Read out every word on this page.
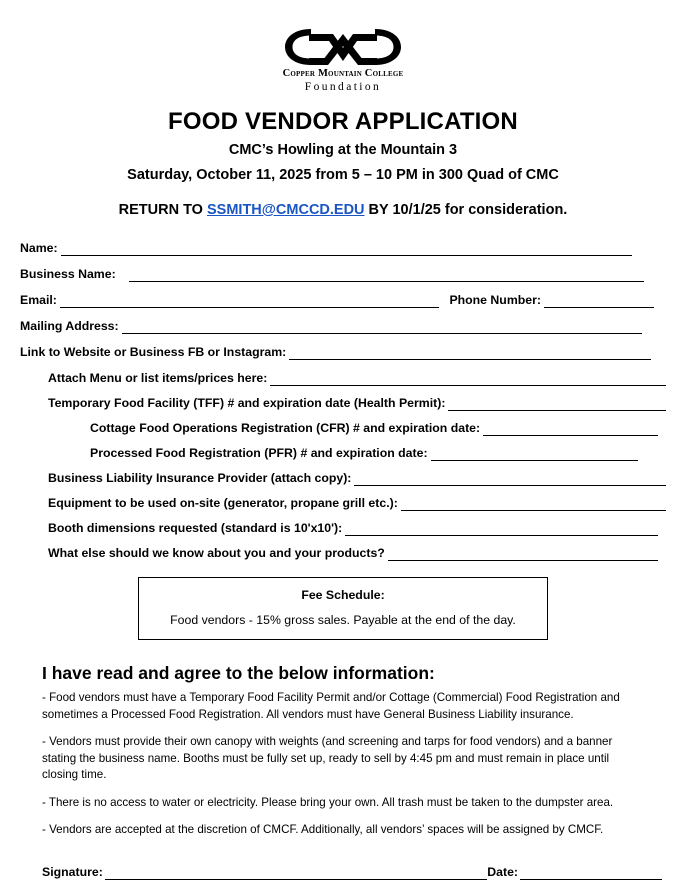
Copper Mountain College
Foundation
FOOD VENDOR APPLICATION
CMC’s Howling at the Mountain 3
Saturday, October 11, 2025 from 5 – 10 PM in 300 Quad of CMC
RETURN TO SSMITH@CMCCD.EDU BY 10/1/25 for consideration.
Name:
Business Name:
Email:	Phone Number:
Mailing Address:
Link to Website or Business FB or Instagram:
Attach Menu or list items/prices here:
Temporary Food Facility (TFF) # and expiration date (Health Permit):
Cottage Food Operations Registration (CFR) # and expiration date:
Processed Food Registration (PFR) # and expiration date:
Business Liability Insurance Provider (attach copy):
Equipment to be used on-site (generator, propane grill etc.):
Booth dimensions requested (standard is 10'x10'):
What else should we know about you and your products?
Fee Schedule:
Food vendors - 15% gross sales. Payable at the end of the day.
I have read and agree to the below information:
- Food vendors must have a Temporary Food Facility Permit and/or Cottage (Commercial) Food Registration and sometimes a Processed Food Registration. All vendors must have General Business Liability insurance.
- Vendors must provide their own canopy with weights (and screening and tarps for food vendors) and a banner stating the business name. Booths must be fully set up, ready to sell by 4:45 pm and must remain in place until closing time.
- There is no access to water or electricity. Please bring your own. All trash must be taken to the dumpster area.
- Vendors are accepted at the discretion of CMCF. Additionally, all vendors’ spaces will be assigned by CMCF.
Signature:	Date:
